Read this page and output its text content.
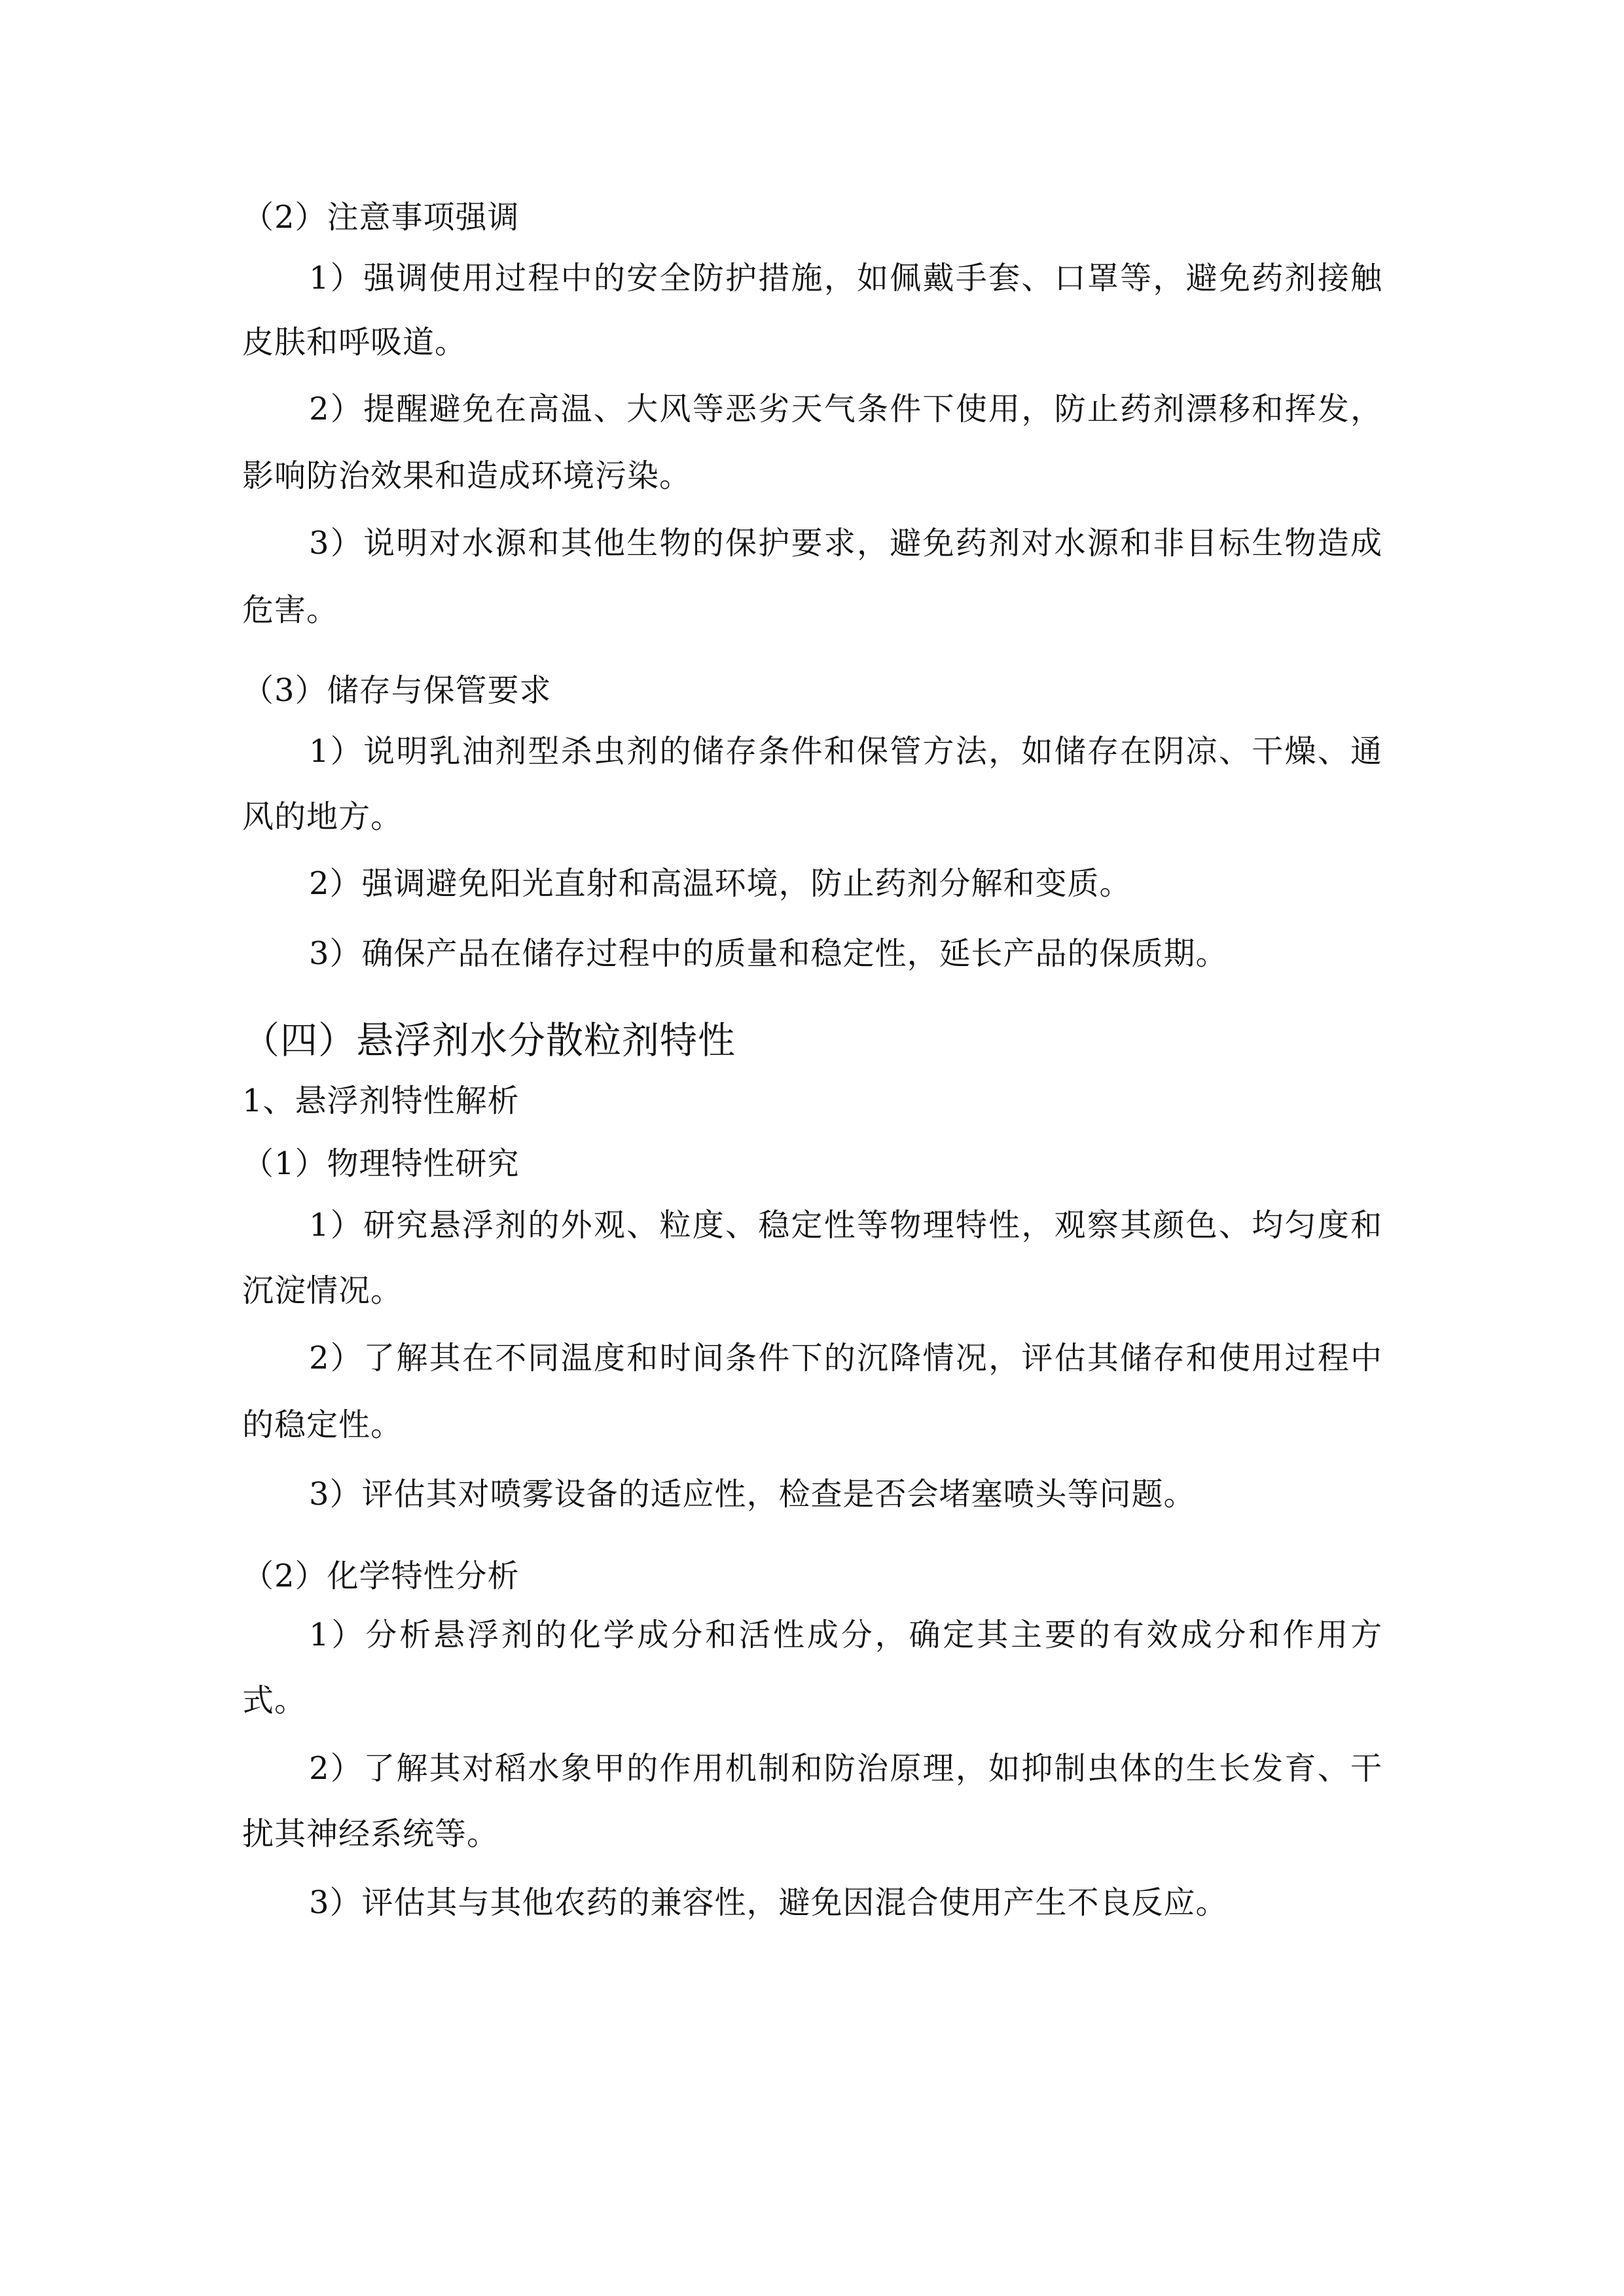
（2）注意事项强调
1）强调使用过程中的安全防护措施，如佩戴手套、口罩等，避免药剂接触
皮肤和呼吸道。
2）提醒避免在高温、大风等恶劣天气条件下使用，防止药剂漂移和挥发，
影响防治效果和造成环境污染。
3）说明对水源和其他生物的保护要求，避免药剂对水源和非目标生物造成
危害。
（3）储存与保管要求
1）说明乳油剂型杀虫剂的储存条件和保管方法，如储存在阴凉、干燥、通
风的地方。
2）强调避免阳光直射和高温环境，防止药剂分解和变质。
3）确保产品在储存过程中的质量和稳定性，延长产品的保质期。
（四）悬浮剂水分散粒剂特性
1、悬浮剂特性解析
（1）物理特性研究
1）研究悬浮剂的外观、粒度、稳定性等物理特性，观察其颜色、均匀度和
沉淀情况。
2）了解其在不同温度和时间条件下的沉降情况，评估其储存和使用过程中
的稳定性。
3）评估其对喷雾设备的适应性，检查是否会堵塞喷头等问题。
（2）化学特性分析
1）分析悬浮剂的化学成分和活性成分，确定其主要的有效成分和作用方
式。
2）了解其对稻水象甲的作用机制和防治原理，如抑制虫体的生长发育、干
扰其神经系统等。
3）评估其与其他农药的兼容性，避免因混合使用产生不良反应。
